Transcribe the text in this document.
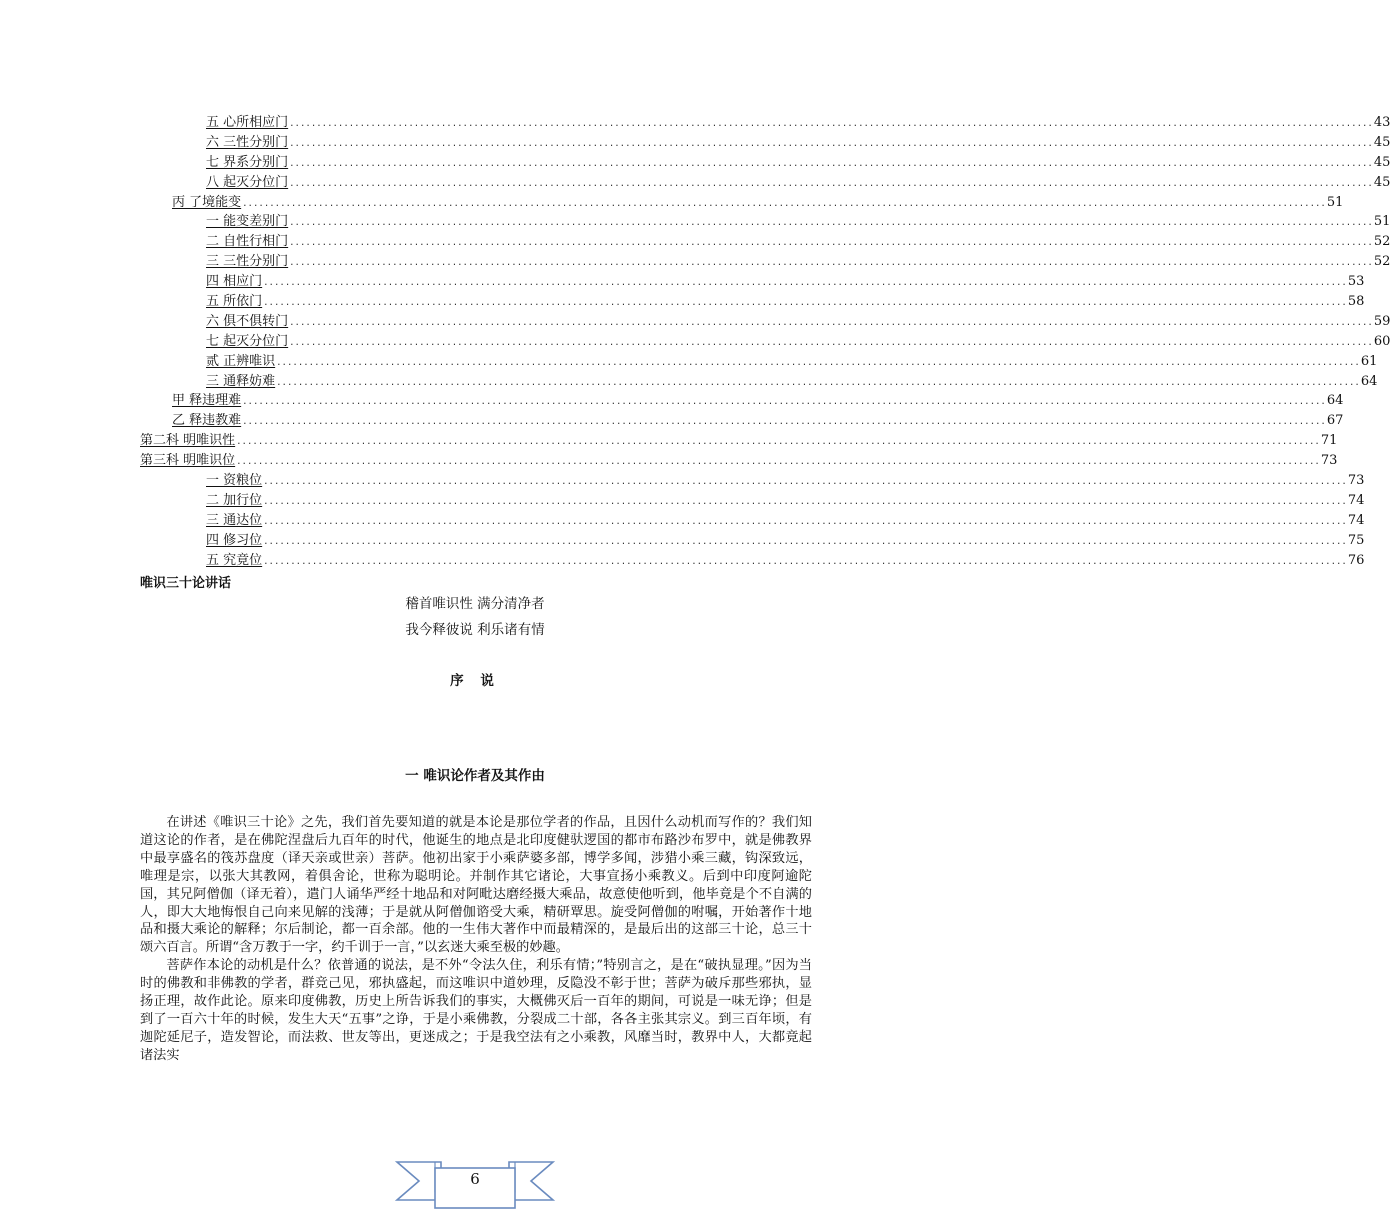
五 心所相应门 ........................................................................................................................................................................................................ 43
六 三性分别门 ........................................................................................................................................................................................................ 45
七 界系分别门 ........................................................................................................................................................................................................ 45
八 起灭分位门 ........................................................................................................................................................................................................ 45
丙 了境能变 ........................................................................................................................................................................................................ 51
一 能变差别门 ........................................................................................................................................................................................................ 51
二 自性行相门 ........................................................................................................................................................................................................ 52
三 三性分别门 ........................................................................................................................................................................................................ 52
四 相应门 ........................................................................................................................................................................................................ 53
五 所依门 ........................................................................................................................................................................................................ 58
六 俱不俱转门 ........................................................................................................................................................................................................ 59
七 起灭分位门 ........................................................................................................................................................................................................ 60
贰 正辨唯识 ........................................................................................................................................................................................................ 61
三 通释妨难 ........................................................................................................................................................................................................ 64
甲 释违理难 ........................................................................................................................................................................................................ 64
乙 释违教难 ........................................................................................................................................................................................................ 67
第二科 明唯识性 ........................................................................................................................................................................................................ 71
第三科 明唯识位 ........................................................................................................................................................................................................ 73
一 资粮位 ........................................................................................................................................................................................................ 73
二 加行位 ........................................................................................................................................................................................................ 74
三 通达位 ........................................................................................................................................................................................................ 74
四 修习位 ........................................................................................................................................................................................................ 75
五 究竟位 ........................................................................................................................................................................................................ 76
唯识三十论讲话
稽首唯识性 满分清净者
我今释彼说 利乐诸有情
序 说
一 唯识论作者及其作由

在讲述《唯识三十论》之先，我们首先要知道的就是本论是那位学者的作品，且因什么动机而写作的？我们知道这论的作者，是在佛陀涅盘后九百年的时代，他诞生的地点是北印度健驮逻国的都市布路沙布罗中，就是佛教界中最享盛名的筏苏盘度（译天亲或世亲）菩萨。他初出家于小乘萨婆多部，博学多闻，涉猎小乘三藏，钩深致远，唯理是宗，以张大其教网，着俱舍论，世称为聪明论。并制作其它诸论，大事宣扬小乘教义。后到中印度阿逾陀国，其兄阿僧伽（译无着），遣门人诵华严经十地品和对阿毗达磨经摄大乘品，故意使他听到，他毕竟是个不自满的人，即大大地悔恨自己向来见解的浅薄；于是就从阿僧伽谘受大乘，精研覃思。旋受阿僧伽的咐嘱，开始著作十地品和摄大乘论的解释；尔后制论，都一百余部。他的一生伟大著作中而最精深的，是最后出的这部三十论，总三十颂六百言。所谓“含万教于一字，约千训于一言，”以玄迷大乘至极的妙趣。

菩萨作本论的动机是什么？依普通的说法，是不外“令法久住，利乐有情；”特别言之，是在“破执显理。”因为当时的佛教和非佛教的学者，群竞己见，邪执盛起，而这唯识中道妙理，反隐没不彰于世；菩萨为破斥那些邪执，显扬正理，故作此论。原来印度佛教，历史上所告诉我们的事实，大概佛灭后一百年的期间，可说是一味无诤；但是到了一百六十年的时候，发生大天“五事”之诤，于是小乘佛教，分裂成二十部，各各主张其宗义。到三百年顷，有迦陀延尼子，造发智论，而法救、世友等出，更迷成之；于是我空法有之小乘教，风靡当时，教界中人，大都竟起诸法实

6
